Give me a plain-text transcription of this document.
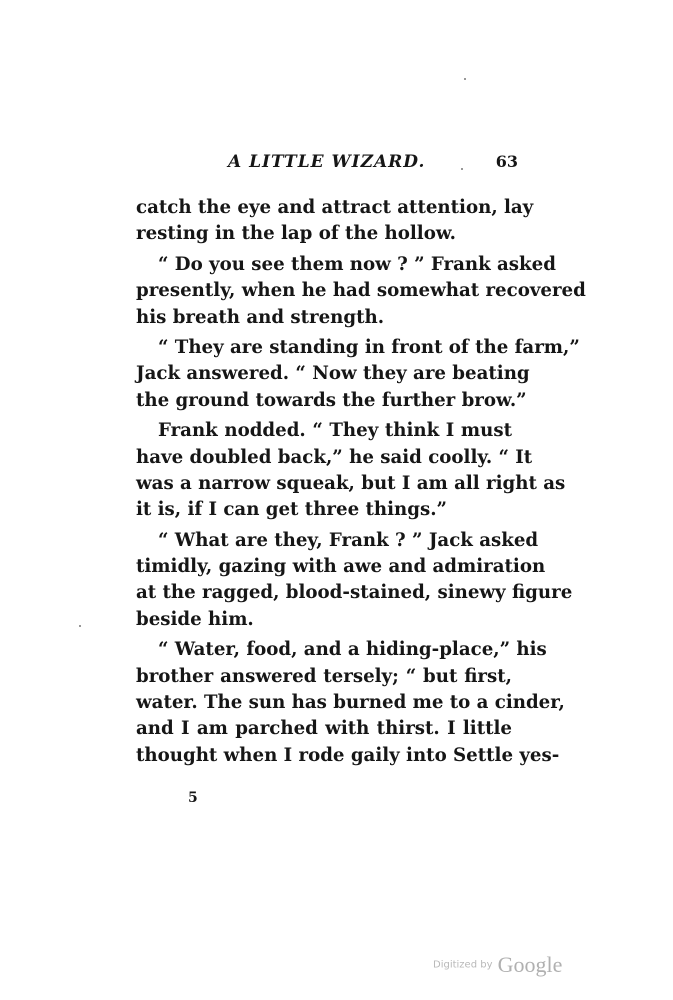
A LITTLE WIZARD.	63
catch the eye and attract attention, lay
resting in the lap of the hollow.
“ Do you see them now ? ” Frank asked
presently, when he had somewhat recovered
his breath and strength.
“ They are standing in front of the farm,”
Jack answered. “ Now they are beating
the ground towards the further brow.”
Frank nodded. “ They think I must
have doubled back,” he said coolly. “ It
was a narrow squeak, but I am all right as
it is, if I can get three things.”
“ What are they, Frank ? ” Jack asked
timidly, gazing with awe and admiration
at the ragged, blood-stained, sinewy figure
beside him.
“ Water, food, and a hiding-place,” his
brother answered tersely; “ but first,
water. The sun has burned me to a cinder,
and I am parched with thirst. I little
thought when I rode gaily into Settle yes-
5
Digitized by Google
